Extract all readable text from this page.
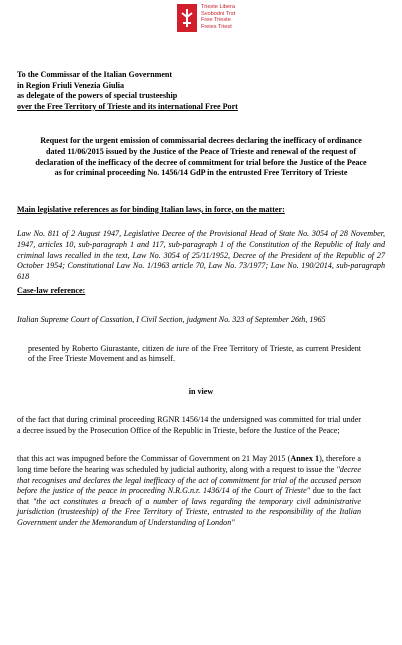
Trieste Libera
Svobodni Trst
Free Trieste
Freies Triest
To the Commissar of the Italian Government
in Region Friuli Venezia Giulia
as delegate of the powers of special trusteeship
over the Free Territory of Trieste and its international Free Port
Request for the urgent emission of commissarial decrees declaring the inefficacy of ordinance dated 11/06/2015 issued by the Justice of the Peace of Trieste and renewal of the request of declaration of the inefficacy of the decree of commitment for trial before the Justice of the Peace as for criminal proceeding No. 1456/14 GdP in the entrusted Free Territory of Trieste
Main legislative references as for binding Italian laws, in force, on the matter:
Law No. 811 of 2 August 1947, Legislative Decree of the Provisional Head of State No. 3054 of 28 November, 1947, articles 10, sub-paragraph 1 and 117, sub-paragraph 1 of the Constitution of the Republic of Italy and criminal laws recalled in the text, Law No. 3054 of 25/11/1952, Decree of the President of the Republic of 27 October 1954; Constitutional Law No. 1/1963 article 70, Law No. 73/1977; Law No. 190/2014, sub-paragraph 618
Case-law reference:
Italian Supreme Court of Cassation, I Civil Section, judgment No. 323 of September 26th, 1965
presented by Roberto Giurastante, citizen de iure of the Free Territory of Trieste, as current President of the Free Trieste Movement and as himself.
in view
of the fact that during criminal proceeding RGNR 1456/14 the undersigned was committed for trial under a decree issued by the Prosecution Office of the Republic in Trieste, before the Justice of the Peace;
that this act was impugned before the Commissar of Government on 21 May 2015 (Annex 1), therefore a long time before the hearing was scheduled by judicial authority, along with a request to issue the "decree that recognises and declares the legal inefficacy of the act of commitment for trial of the accused person before the justice of the peace in proceeding N.R.G.n.r. 1436/14 of the Court of Trieste" due to the fact that "the act constitutes a breach of a number of laws regarding the temporary civil administrative jurisdiction (trusteeship) of the Free Territory of Trieste, entrusted to the responsibility of the Italian Government under the Memorandum of Understanding of London"
